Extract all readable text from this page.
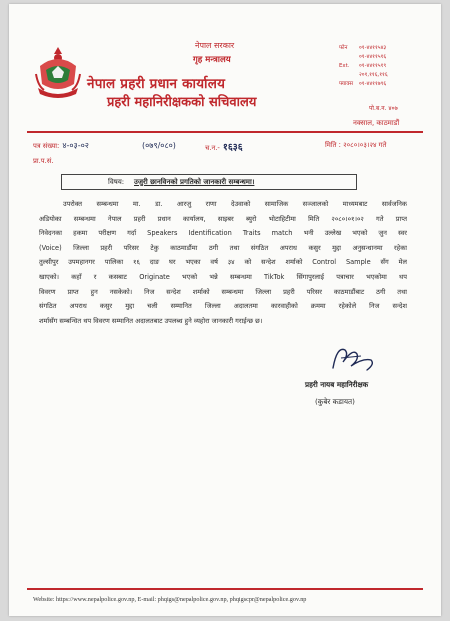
नेपाल सरकार
गृह मन्त्रालय
नेपाल प्रहरी प्रधान कार्यालय
प्रहरी महानिरीक्षकको सचिवालय
फोन	०१-४४११५४३
०१-४४११५१६
Ext.	०१-४४११५१९
२०१,११६,११६
फ्याक्स	०१-४४११७९६
पो.ब.न. ४०७
नक्साल, काठमाडौं
पत्र संख्या: ४-०३-०२	(०७९/०८०)	च.न.- १६३६	मिति : २०८०।०३।२४ गते
प्रा.प.सं.
विषय: उजुरी छानविनको प्रगतिको जानकारी सम्बन्धमा।
उपरोक्त सम्बन्धमा मा. डा. आरजु राणा देउवाको सामाजिक सञ्जालको माध्यमबाट सार्वजनिक
अडियोका सम्बन्धमा नेपाल प्रहरी प्रधान कार्यालय, साइबर ब्युरो भोटाहिटीमा मिति २०८०।०१।०२ गते प्राप्त
निवेदनका हकमा परीक्षण गर्दा Speakers Identification Traits match भनी उल्लेख भएको जुन स्वर
(Voice) जिल्ला प्रहरी परिसर टेकु काठमाडौंमा ठगी तथा संगठित अपराध कसुर मुद्दा अनुसन्धानमा रहेका
तुल्सीपुर उपमहानगर पालिका १६ दाङ घर भएका वर्ष ३४ को सन्देश शर्माको Control Sample सँग मेल
खाएको। कहाँ र कसबाट Originate भएको भन्ने सम्बन्धमा TikTok सिंगापुरलाई पत्राचार भएकोमा थप
विवरण प्राप्त हुन नसकेको। निज सन्देश शर्माको सम्बन्धमा जिल्ला प्रहरी परिसर काठमाडौंबाट ठगी तथा
संगठित अपराध कसुर मुद्दा चली सम्मानित जिल्ला अदालतमा कारवाहीको क्रममा रहेकोले निज सन्देश
शर्मासँग सम्बन्धित थप विवरण सम्मानित अदालतबाट उपलब्ध हुने व्यहोरा जानकारी गराईन्छ छ।
प्रहरी नायब महानिरीक्षक
(कुबेर कडायत)
Website: https://www.nepalpolice.gov.np, E-mail: phqigs@nepalpolice.gov.np, phqigscpr@nepalpolice.gov.np
